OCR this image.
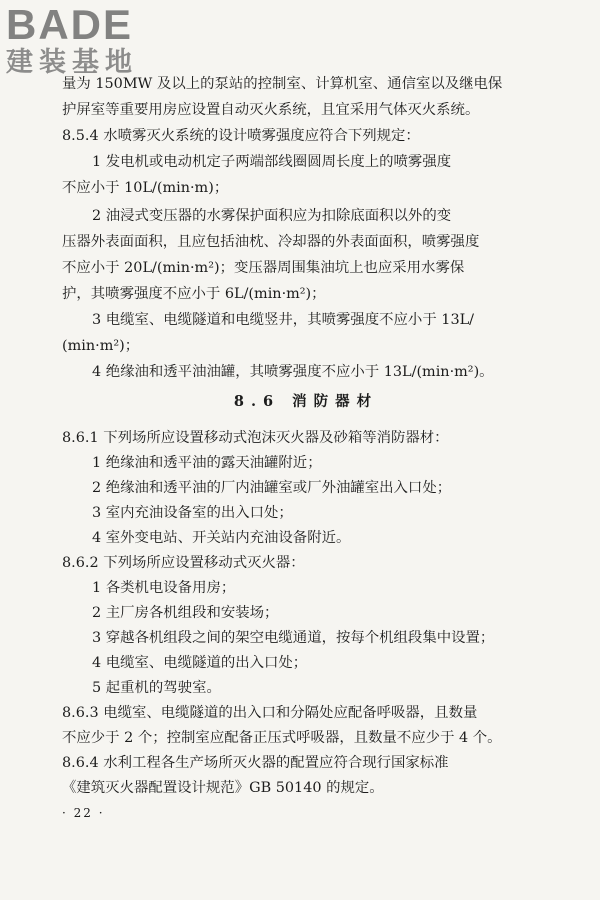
BADE
建装基地
量为 150MW 及以上的泵站的控制室、计算机室、通信室以及继电保
护屏室等重要用房应设置自动灭火系统，且宜采用气体灭火系统。
8.5.4 水喷雾灭火系统的设计喷雾强度应符合下列规定：
1 发电机或电动机定子两端部线圈圆周长度上的喷雾强度
不应小于 10L/(min·m)；
2 油浸式变压器的水雾保护面积应为扣除底面积以外的变
压器外表面面积，且应包括油枕、冷却器的外表面面积，喷雾强度
不应小于 20L/(min·m²)；变压器周围集油坑上也应采用水雾保
护，其喷雾强度不应小于 6L/(min·m²)；
3 电缆室、电缆隧道和电缆竖井，其喷雾强度不应小于 13L/
(min·m²)；
4 绝缘油和透平油油罐，其喷雾强度不应小于 13L/(min·m²)。
8.6 消防器材
8.6.1 下列场所应设置移动式泡沫灭火器及砂箱等消防器材：
1 绝缘油和透平油的露天油罐附近；
2 绝缘油和透平油的厂内油罐室或厂外油罐室出入口处；
3 室内充油设备室的出入口处；
4 室外变电站、开关站内充油设备附近。
8.6.2 下列场所应设置移动式灭火器：
1 各类机电设备用房；
2 主厂房各机组段和安装场；
3 穿越各机组段之间的架空电缆通道，按每个机组段集中设置；
4 电缆室、电缆隧道的出入口处；
5 起重机的驾驶室。
8.6.3 电缆室、电缆隧道的出入口和分隔处应配备呼吸器，且数量
不应少于 2 个；控制室应配备正压式呼吸器，且数量不应少于 4 个。
8.6.4 水利工程各生产场所灭火器的配置应符合现行国家标准
《建筑灭火器配置设计规范》GB 50140 的规定。
· 22 ·
